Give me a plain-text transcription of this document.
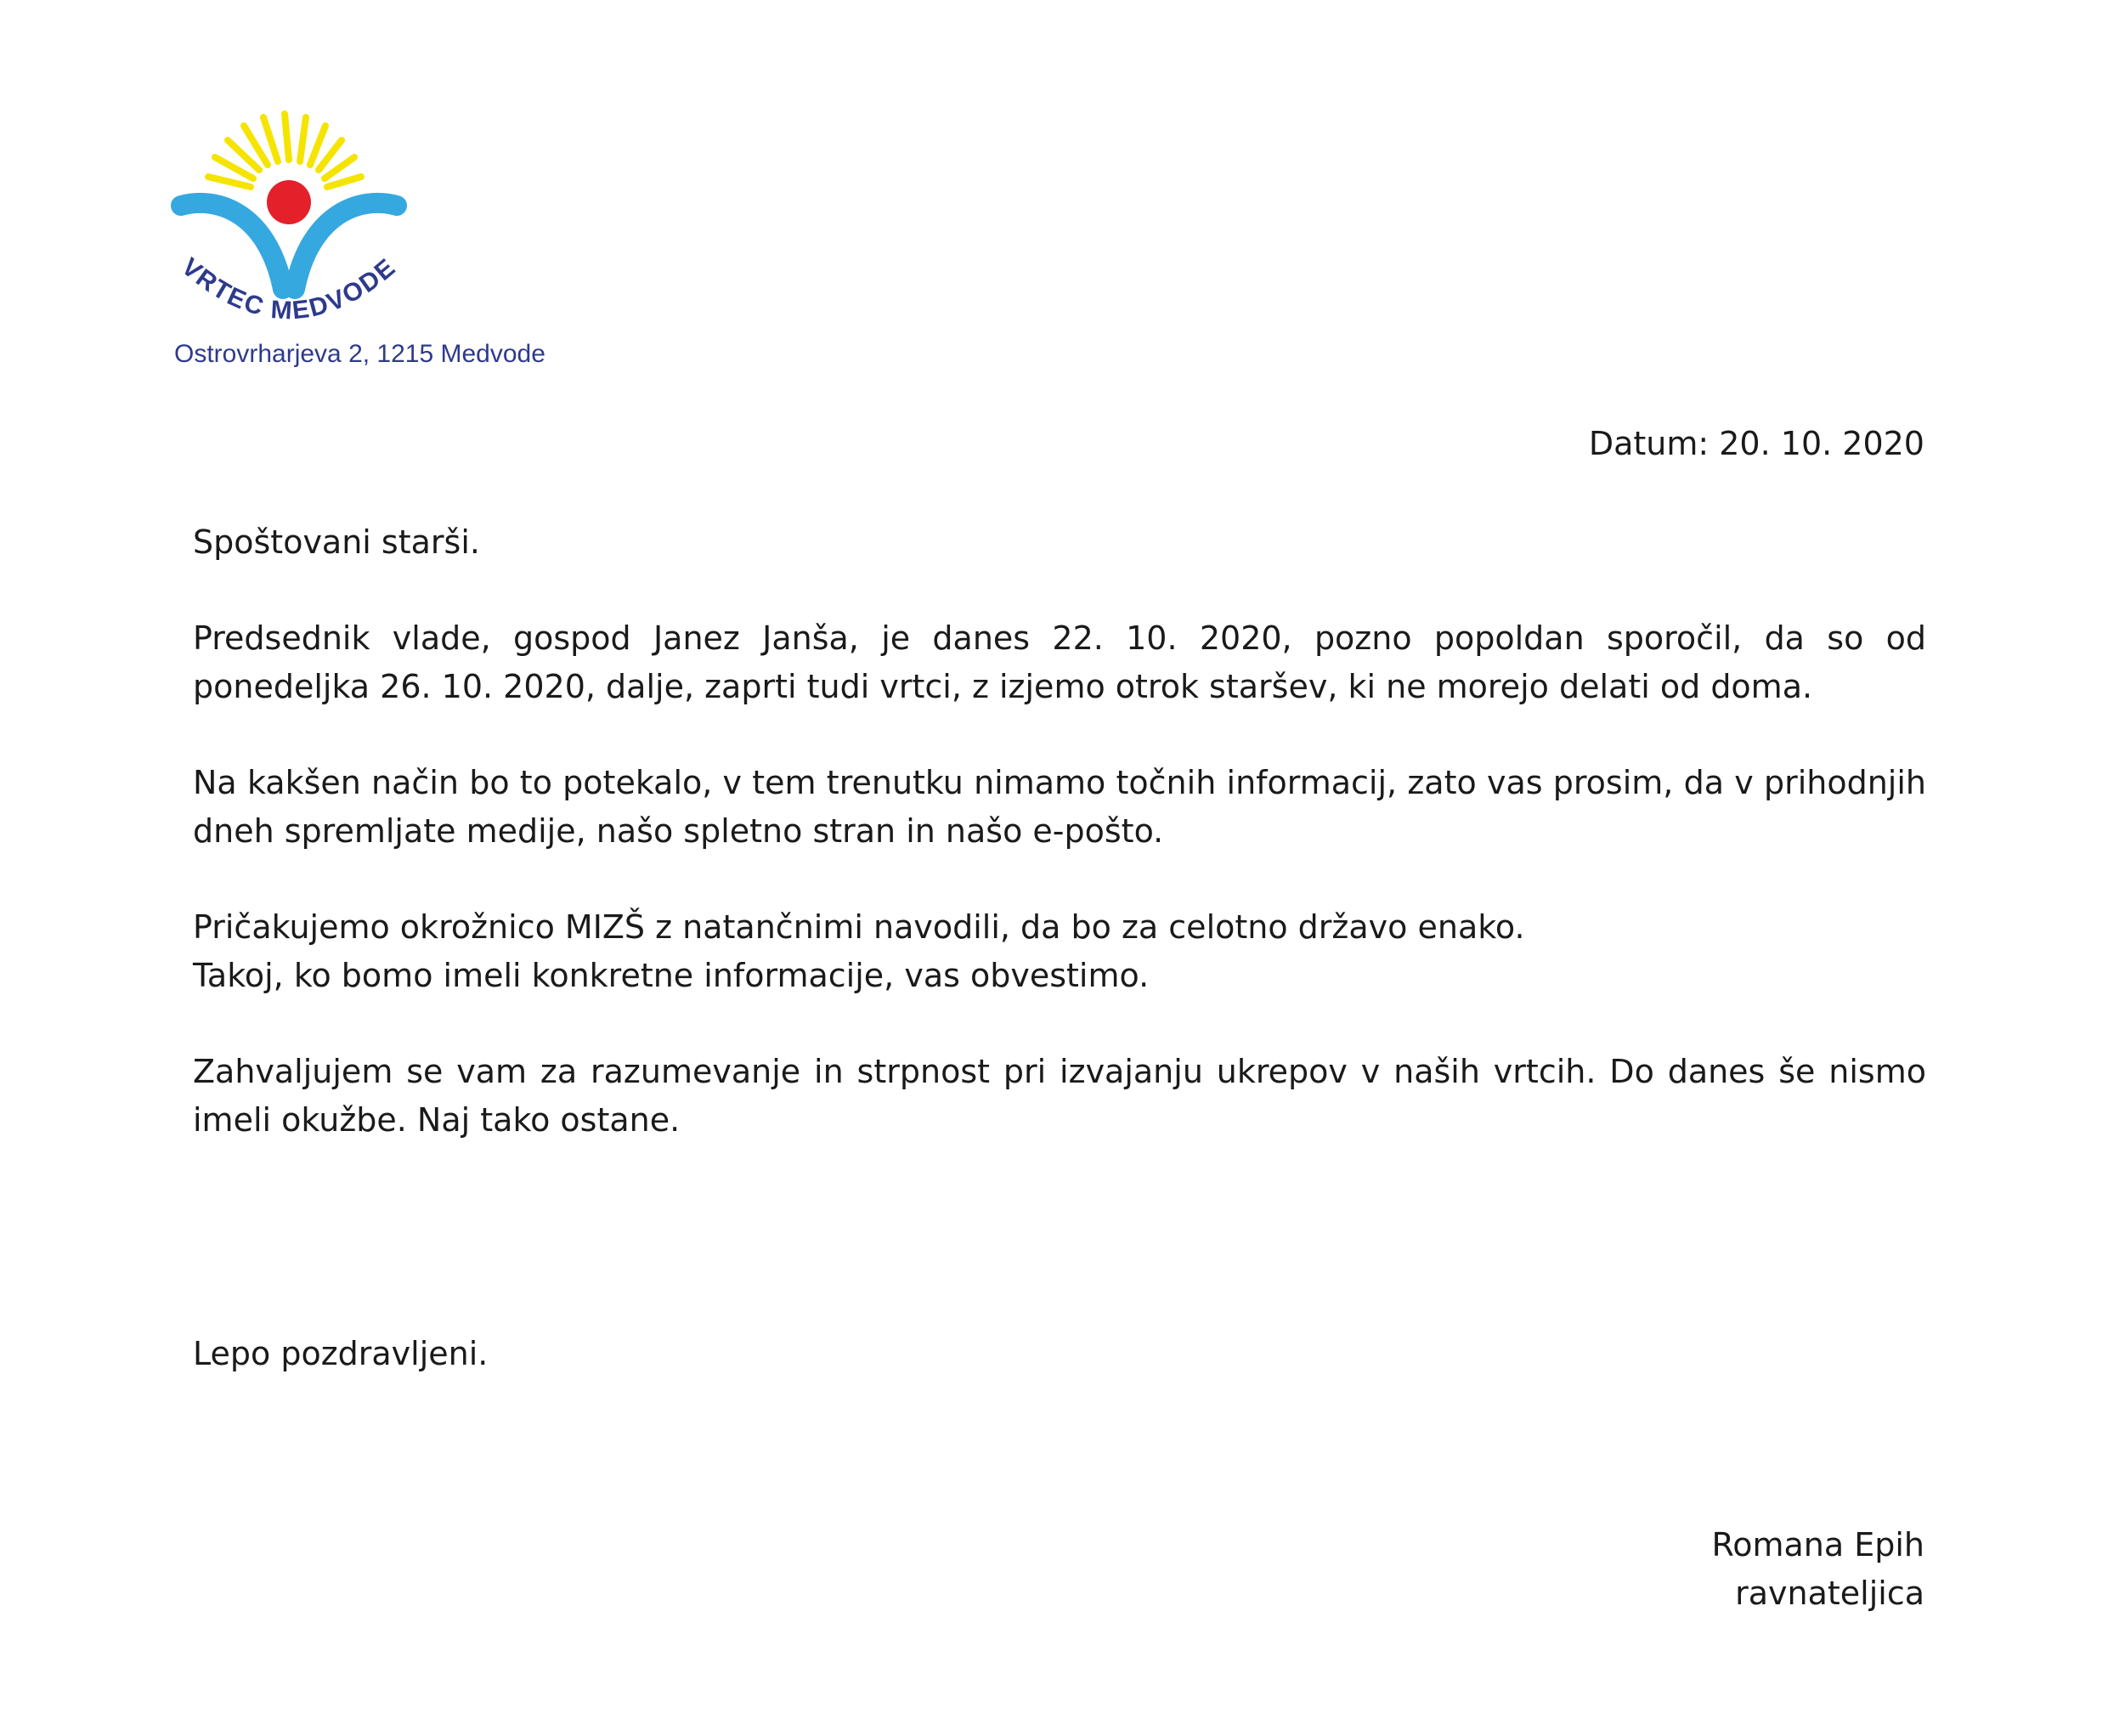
VRTEC MEDVODE
Ostrovrharjeva 2, 1215 Medvode
Datum: 20. 10. 2020

Spoštovani starši.

Predsednik vlade, gospod Janez Janša, je danes 22. 10. 2020, pozno popoldan sporočil, da so od ponedeljka 26. 10. 2020, dalje, zaprti tudi vrtci, z izjemo otrok staršev, ki ne morejo delati od doma.

Na kakšen način bo to potekalo, v tem trenutku nimamo točnih informacij, zato vas prosim, da v prihodnjih dneh spremljate medije, našo spletno stran in našo e-pošto.

Pričakujemo okrožnico MIZŠ z natančnimi navodili, da bo za celotno državo enako.

Takoj, ko bomo imeli konkretne informacije, vas obvestimo.

Zahvaljujem se vam za razumevanje in strpnost pri izvajanju ukrepov v naših vrtcih. Do danes še nismo imeli okužbe. Naj tako ostane.

Lepo pozdravljeni.
Romana Epih
ravnateljica
